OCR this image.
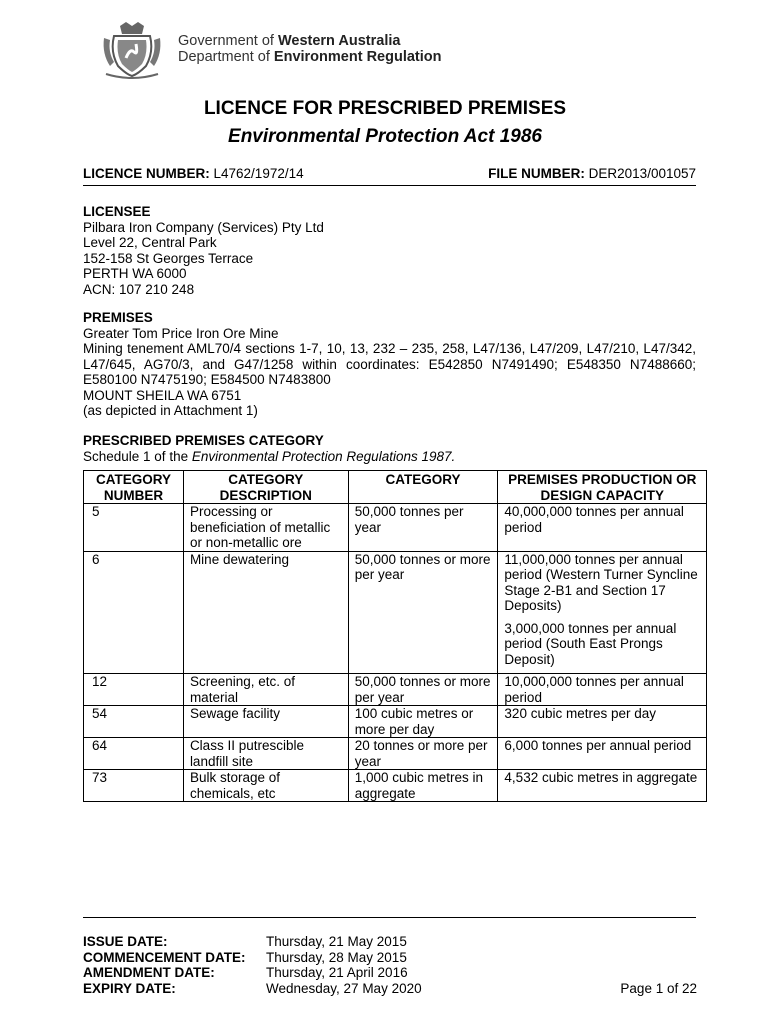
Government of Western Australia
Department of Environment Regulation
LICENCE FOR PRESCRIBED PREMISES
Environmental Protection Act 1986
LICENCE NUMBER: L4762/1972/14	FILE NUMBER: DER2013/001057
LICENSEE
Pilbara Iron Company (Services) Pty Ltd
Level 22, Central Park
152-158 St Georges Terrace
PERTH WA 6000
ACN: 107 210 248
PREMISES
Greater Tom Price Iron Ore Mine
Mining tenement AML70/4 sections 1-7, 10, 13, 232 – 235, 258, L47/136, L47/209, L47/210, L47/342, L47/645, AG70/3, and G47/1258 within coordinates: E542850 N7491490; E548350 N7488660; E580100 N7475190; E584500 N7483800
MOUNT SHEILA WA 6751
(as depicted in Attachment 1)
PRESCRIBED PREMISES CATEGORY
Schedule 1 of the Environmental Protection Regulations 1987.
CATEGORY NUMBER	CATEGORY DESCRIPTION	CATEGORY	PREMISES PRODUCTION OR DESIGN CAPACITY
5	Processing or beneficiation of metallic or non-metallic ore	50,000 tonnes per year	40,000,000 tonnes per annual period

6	Mine dewatering	50,000 tonnes or more per year	11,000,000 tonnes per annual period (Western Turner Syncline Stage 2-B1 and Section 17 Deposits)
3,000,000 tonnes per annual period (South East Prongs Deposit)

12	Screening, etc. of material	50,000 tonnes or more per year	10,000,000 tonnes per annual period
54	Sewage facility	100 cubic metres or more per day	320 cubic metres per day
64	Class II putrescible landfill site	20 tonnes or more per year	6,000 tonnes per annual period
73	Bulk storage of chemicals, etc	1,000 cubic metres in aggregate	4,532 cubic metres in aggregate
ISSUE DATE:	Thursday, 21 May 2015
COMMENCEMENT DATE: Thursday, 28 May 2015
AMENDMENT DATE:	Thursday, 21 April 2016
EXPIRY DATE:	Wednesday, 27 May 2020	Page 1 of 22
